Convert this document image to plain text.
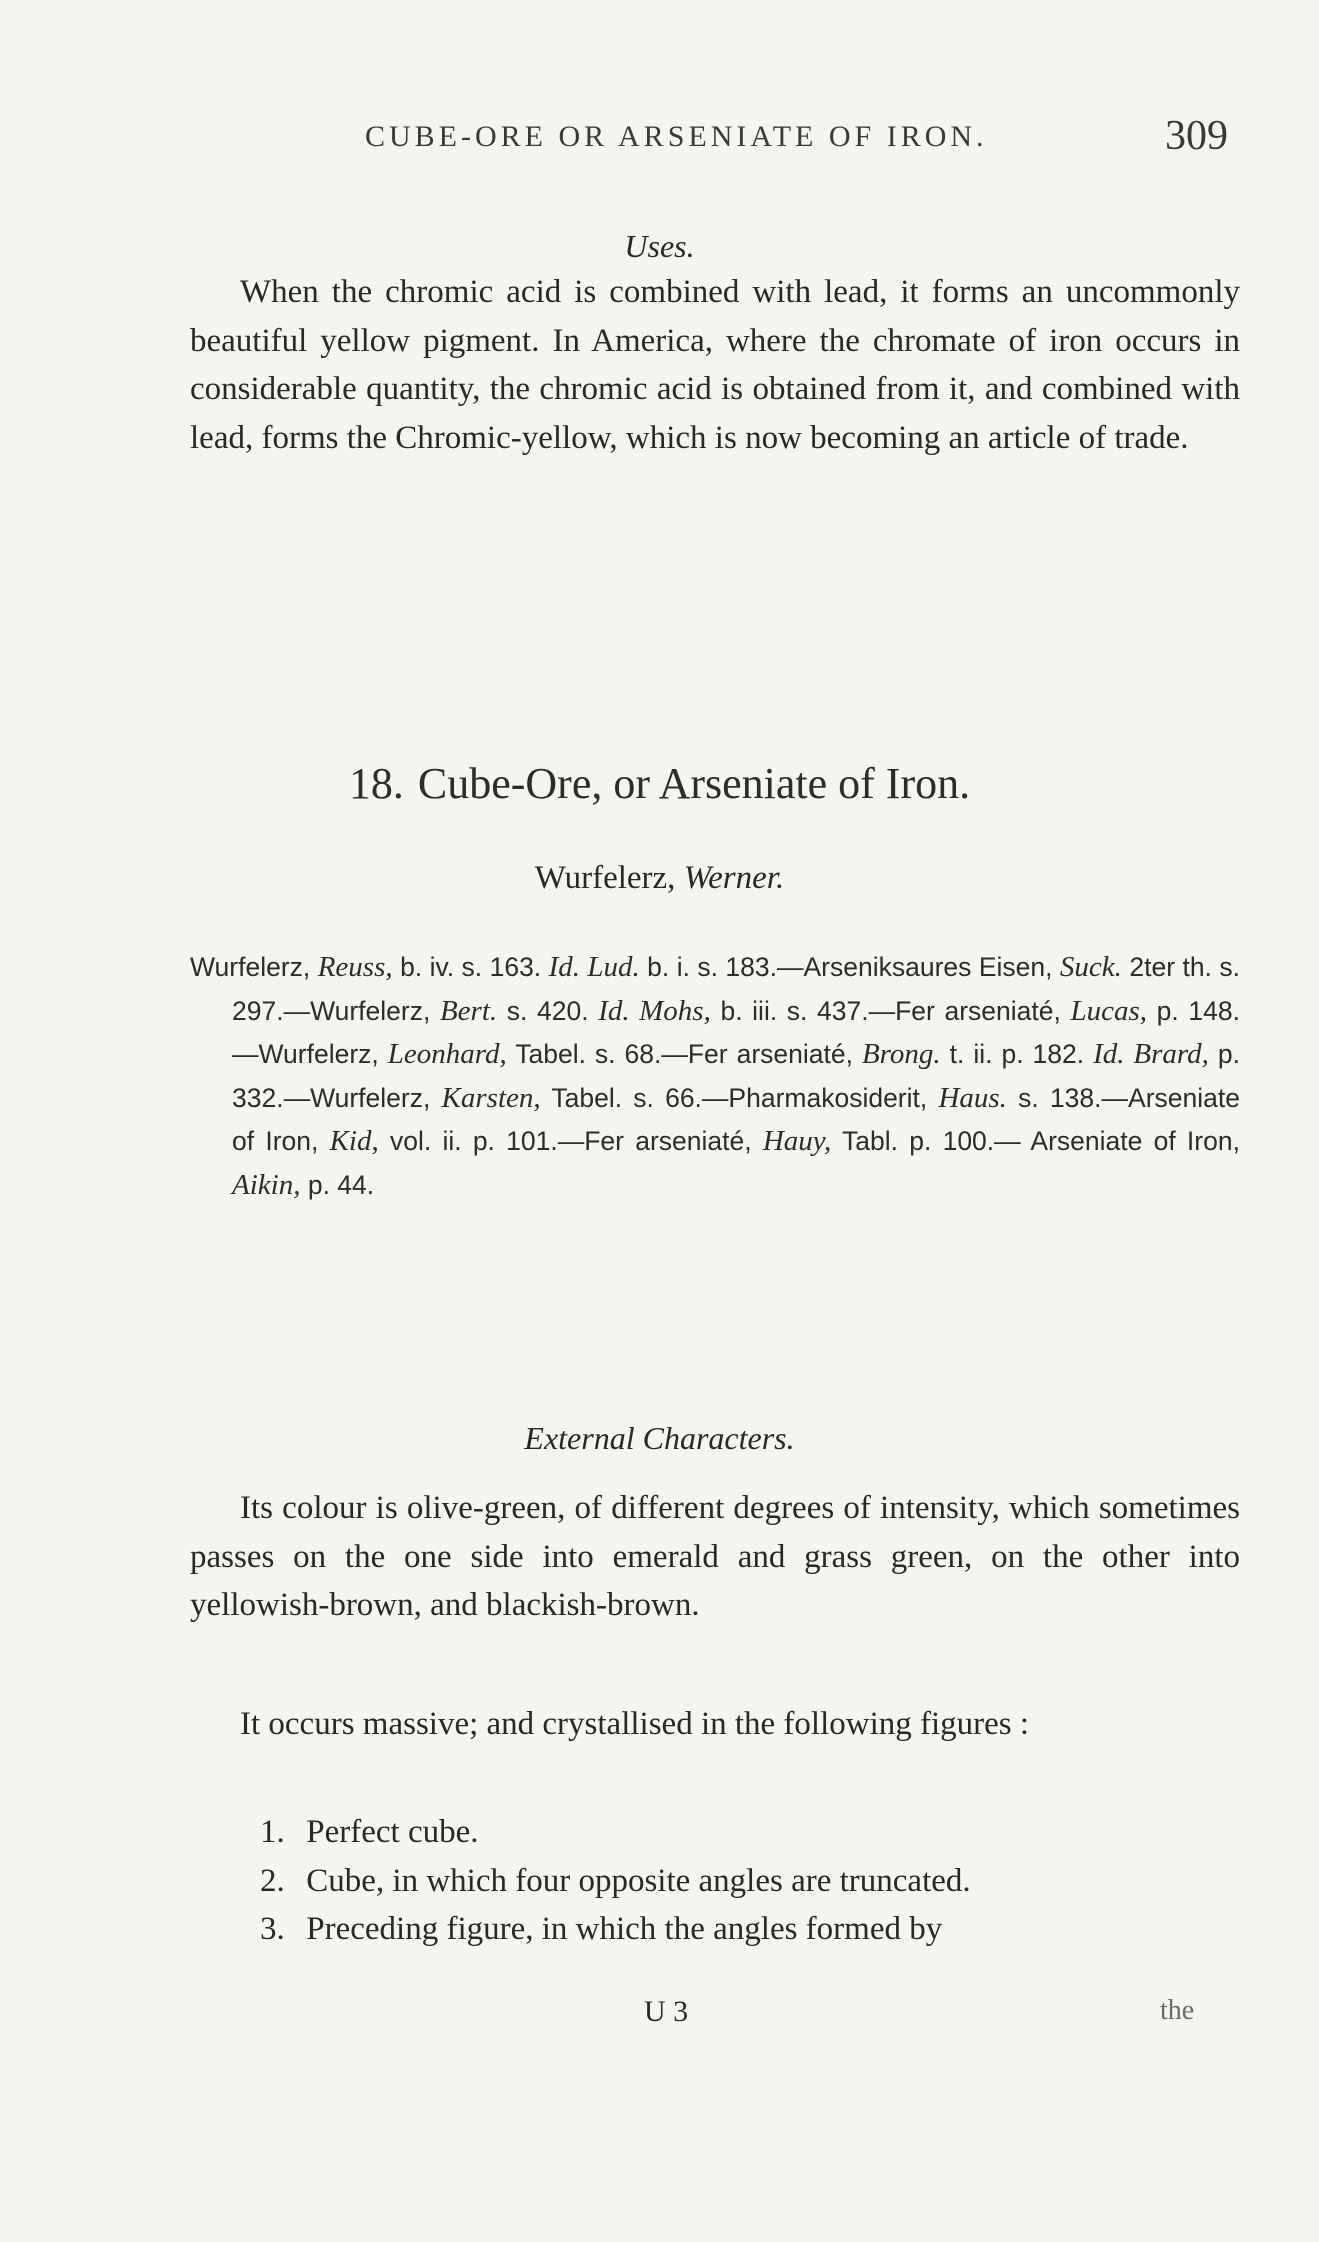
CUBE-ORE OR ARSENIATE OF IRON.	309
Uses.

When the chromic acid is combined with lead, it forms an uncommonly beautiful yellow pigment. In America, where the chromate of iron occurs in considerable quantity, the chromic acid is obtained from it, and combined with lead, forms the Chromic-yellow, which is now becoming an article of trade.

18. Cube-Ore, or Arseniate of Iron.
Wurfelerz, Werner.
Wurfelerz, Reuss, b. iv. s. 163. Id. Lud. b. i. s. 183.—Arseniksaures Eisen, Suck. 2ter th. s. 297.—Wurfelerz, Bert. s. 420. Id. Mohs, b. iii. s. 437.—Fer arseniaté, Lucas, p. 148. —Wurfelerz, Leonhard, Tabel. s. 68.—Fer arseniaté, Brong. t. ii. p. 182. Id. Brard, p. 332.—Wurfelerz, Karsten, Tabel. s. 66.—Pharmakosiderit, Haus. s. 138.—Arseniate of Iron, Kid, vol. ii. p. 101.—Fer arseniaté, Hauy, Tabl. p. 100.— Arseniate of Iron, Aikin, p. 44.
External Characters.

Its colour is olive-green, of different degrees of intensity, which sometimes passes on the one side into emerald and grass green, on the other into yellowish-brown, and blackish-brown.

It occurs massive; and crystallised in the following figures :

1. Perfect cube.
2. Cube, in which four opposite angles are truncated.
3. Preceding figure, in which the angles formed by
U 3	the
